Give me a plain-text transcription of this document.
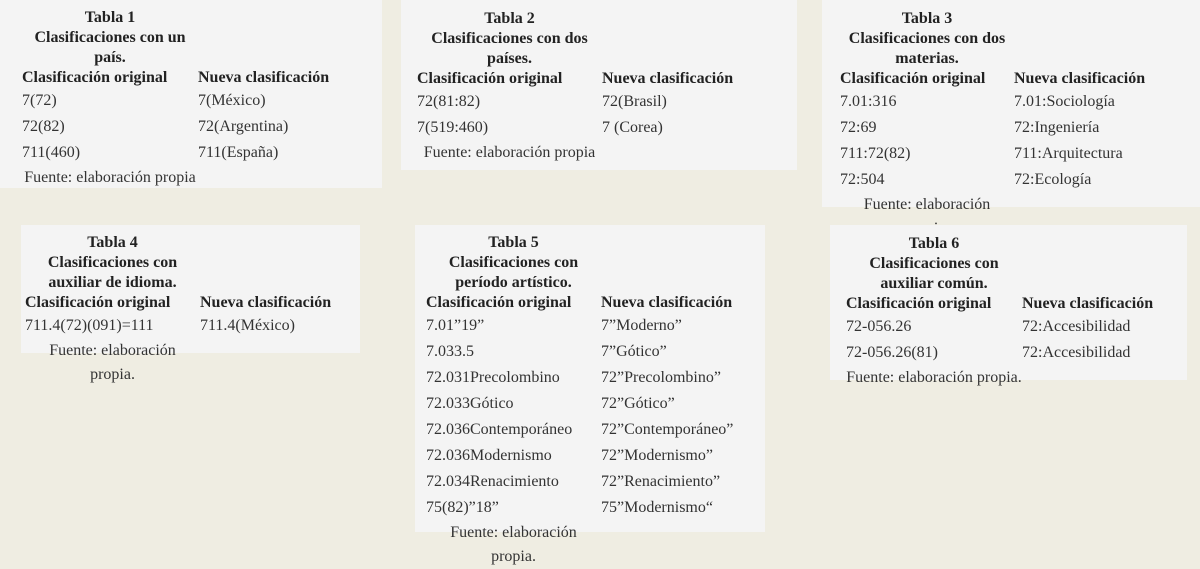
Tabla 1
Clasificaciones con un país.
Clasificación original	Nueva clasificación
7(72)	7(México)
72(82)	72(Argentina)
711(460)	711(España)
Fuente: elaboración propia
Tabla 2
Clasificaciones con dos países.
Clasificación original	Nueva clasificación
72(81:82)	72(Brasil)
7(519:460)	7 (Corea)
Fuente: elaboración propia
Tabla 3
Clasificaciones con dos materias.
Clasificación original	Nueva clasificación
7.01:316	7.01:Sociología
72:69	72:Ingeniería
711:72(82)	711:Arquitectura
72:504	72:Ecología
Fuente: elaboración
Tabla 4
Clasificaciones con auxiliar de idioma.
Clasificación original	Nueva clasificación
711.4(72)(091)=111	711.4(México)
Fuente: elaboración propia.
Tabla 5
Clasificaciones con período artístico.
Clasificación original	Nueva clasificación
7.01”19”	7”Moderno”
7.033.5	7”Gótico”
72.031Precolombino	72”Precolombino”
72.033Gótico	72”Gótico”
72.036Contemporáneo	72”Contemporáneo”
72.036Modernismo	72”Modernismo”
72.034Renacimiento	72”Renacimiento”
75(82)”18”	75”Modernismo“
Fuente: elaboración propia.
Tabla 6
Clasificaciones con auxiliar común.
Clasificación original	Nueva clasificación
72-056.26	72:Accesibilidad
72-056.26(81)	72:Accesibilidad
Fuente: elaboración propia.
